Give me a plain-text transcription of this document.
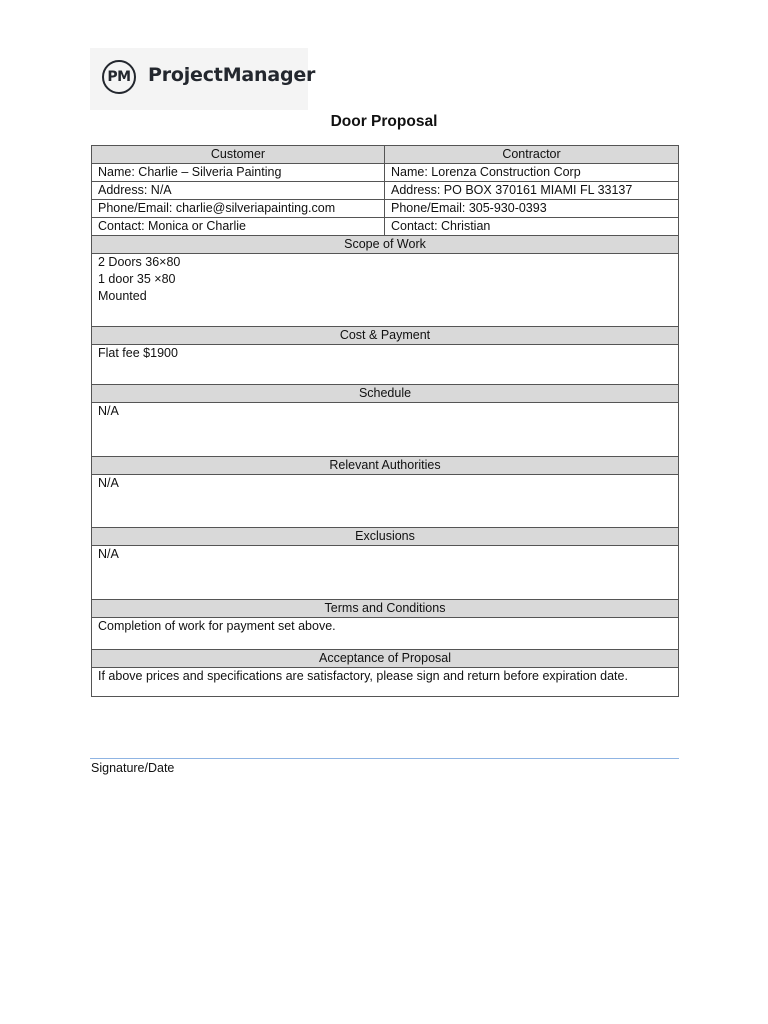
PM ProjectManager
Door Proposal
Customer	Contractor
Name: Charlie – Silveria Painting	Name: Lorenza Construction Corp
Address: N/A	Address: PO BOX 370161 MIAMI FL 33137
Phone/Email: charlie@silveriapainting.com	Phone/Email: 305-930-0393
Contact: Monica or Charlie	Contact: Christian
Scope of Work	

2 Doors 36×80
1 door 35 ×80
Mounted	

Cost & Payment	
Flat fee $1900	
Schedule	
N/A	
Relevant Authorities	
N/A	
Exclusions	
N/A	
Terms and Conditions	
Completion of work for payment set above.	
Acceptance of Proposal	
If above prices and specifications are satisfactory, please sign and return before expiration date.	
Signature/Date
